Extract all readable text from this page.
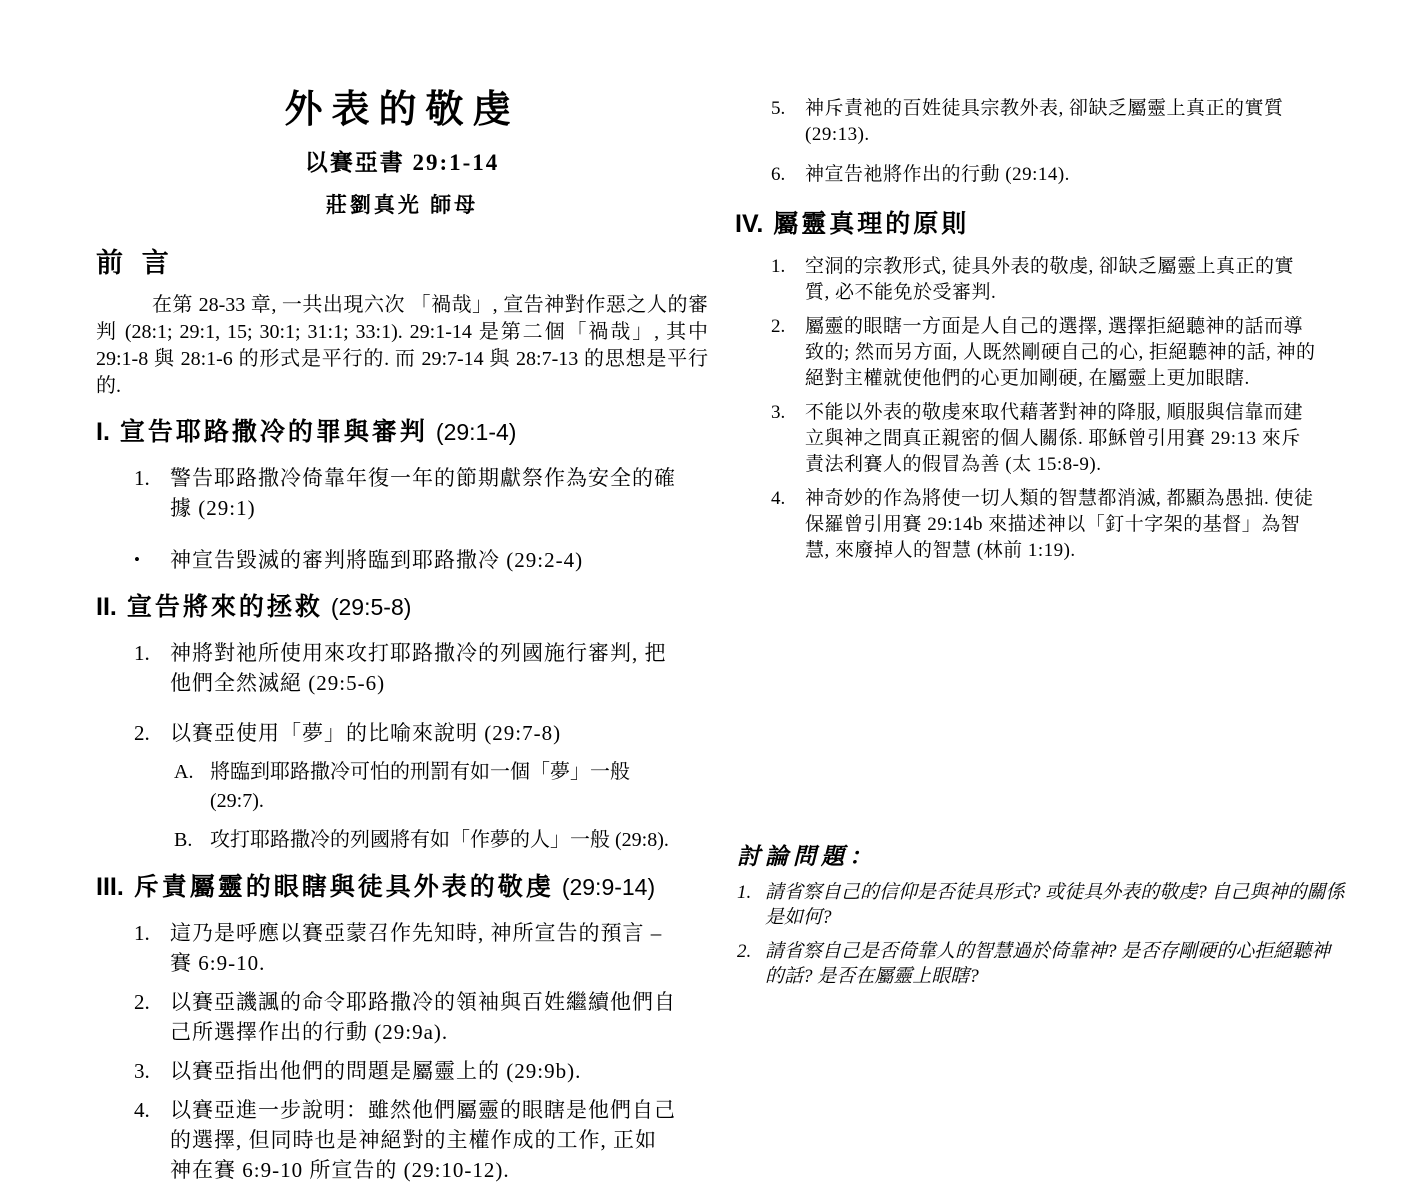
外表的敬虔
以賽亞書 29:1-14
莊劉真光 師母
前 言
在第 28-33 章, 一共出現六次 「禍哉」, 宣告神對作惡之人的審判 (28:1; 29:1, 15; 30:1; 31:1; 33:1). 29:1-14 是第二個「禍哉」, 其中 29:1-8 與 28:1-6 的形式是平行的. 而 29:7-14 與 28:7-13 的思想是平行的.
I. 宣告耶路撒冷的罪與審判 (29:1-4)
1. 警告耶路撒冷倚靠年復一年的節期獻祭作為安全的確據 (29:1)
•	神宣告毀滅的審判將臨到耶路撒冷 (29:2-4)
II. 宣告將來的拯救 (29:5-8)
1. 神將對祂所使用來攻打耶路撒冷的列國施行審判, 把他們全然滅絕 (29:5-6)
2. 以賽亞使用「夢」的比喻來說明 (29:7-8)
A. 將臨到耶路撒冷可怕的刑罰有如一個「夢」一般 (29:7).
B. 攻打耶路撒冷的列國將有如「作夢的人」一般 (29:8).
III. 斥責屬靈的眼瞎與徒具外表的敬虔 (29:9-14)
1. 這乃是呼應以賽亞蒙召作先知時, 神所宣告的預言 – 賽 6:9-10.
2. 以賽亞譏諷的命令耶路撒冷的領袖與百姓繼續他們自己所選擇作出的行動 (29:9a).
3. 以賽亞指出他們的問題是屬靈上的 (29:9b).
4. 以賽亞進一步說明：雖然他們屬靈的眼瞎是他們自己的選擇, 但同時也是神絕對的主權作成的工作, 正如神在賽 6:9-10 所宣告的 (29:10-12).
5.	神斥責祂的百姓徒具宗教外表, 卻缺乏屬靈上真正的實質 (29:13).
6.	神宣告祂將作出的行動 (29:14).
IV. 屬靈真理的原則
1.	空洞的宗教形式, 徒具外表的敬虔, 卻缺乏屬靈上真正的實質, 必不能免於受審判.
2.	屬靈的眼瞎一方面是人自己的選擇, 選擇拒絕聽神的話而導致的; 然而另方面, 人既然剛硬自己的心, 拒絕聽神的話, 神的絕對主權就使他們的心更加剛硬, 在屬靈上更加眼瞎.
3.	不能以外表的敬虔來取代藉著對神的降服, 順服與信靠而建立與神之間真正親密的個人關係. 耶穌曾引用賽 29:13 來斥責法利賽人的假冒為善 (太 15:8-9).
4.	神奇妙的作為將使一切人類的智慧都消滅, 都顯為愚拙. 使徒保羅曾引用賽 29:14b 來描述神以「釘十字架的基督」為智慧, 來廢掉人的智慧 (林前 1:19).
討論問題：
1. 請省察自己的信仰是否徒具形式? 或徒具外表的敬虔? 自己與神的關係是如何?
2. 請省察自己是否倚靠人的智慧過於倚靠神? 是否存剛硬的心拒絕聽神的話? 是否在屬靈上眼瞎?
